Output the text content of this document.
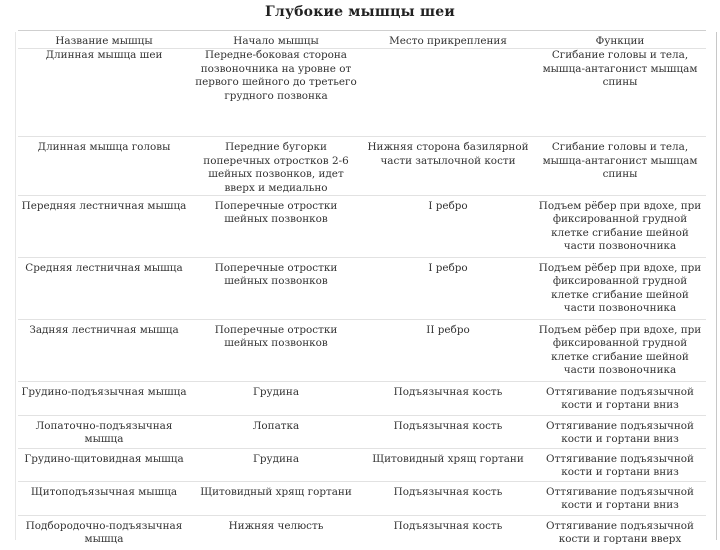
Глубокие мышцы шеи
Название мышцы	Начало мышцы	Место прикрепления	Функции
Длинная мышца шеи	Передне-боковая сторона позвоночника на уровне от первого шейного до третьего грудного позвонка		Сгибание головы и тела, мышца-антагонист мышцам спины
Длинная мышца головы	Передние бугорки поперечных отростков 2-6 шейных позвонков, идет вверх и медиально	Нижняя сторона базилярной части затылочной кости	Сгибание головы и тела, мышца-антагонист мышцам спины
Передняя лестничная мышца	Поперечные отростки шейных позвонков	I ребро	Подъем рёбер при вдохе, при фиксированной грудной клетке сгибание шейной части позвоночника
Средняя лестничная мышца	Поперечные отростки шейных позвонков	I ребро	Подъем рёбер при вдохе, при фиксированной грудной клетке сгибание шейной части позвоночника
Задняя лестничная мышца	Поперечные отростки шейных позвонков	II ребро	Подъем рёбер при вдохе, при фиксированной грудной клетке сгибание шейной части позвоночника
Грудино-подъязычная мышца	Грудина	Подъязычная кость	Оттягивание подъязычной кости и гортани вниз
Лопаточно-подъязычная мышца	Лопатка	Подъязычная кость	Оттягивание подъязычной кости и гортани вниз
Грудино-щитовидная мышца	Грудина	Щитовидный хрящ гортани	Оттягивание подъязычной кости и гортани вниз
Щитоподъязычная мышца	Щитовидный хрящ гортани	Подъязычная кость	Оттягивание подъязычной кости и гортани вниз
Подбородочно-подъязычная мышца	Нижняя челюсть	Подъязычная кость	Оттягивание подъязычной кости и гортани вверх
